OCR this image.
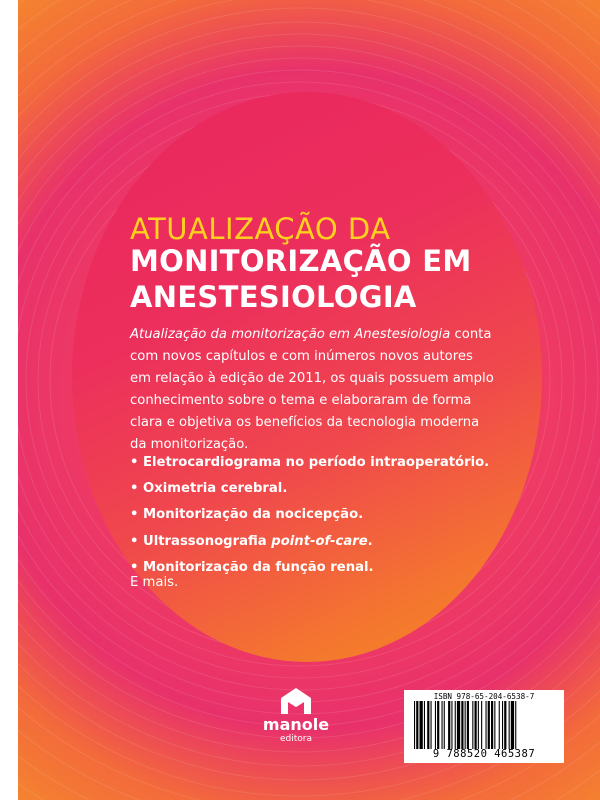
ATUALIZAÇÃO DA
MONITORIZAÇÃO EM
ANESTESIOLOGIA

Atualização da monitorização em Anestesiologia conta com novos capítulos e com inúmeros novos autores em relação à edição de 2011, os quais possuem amplo conhecimento sobre o tema e elaboraram de forma clara e objetiva os benefícios da tecnologia moderna da monitorização.

• Eletrocardiograma no período intraoperatório.
• Oximetria cerebral.
• Monitorização da nocicepção.
• Ultrassonografia point-of-care.
• Monitorização da função renal.
E mais.
manole
editora
ISBN 978-65-204-6538-7
9 788520 465387
